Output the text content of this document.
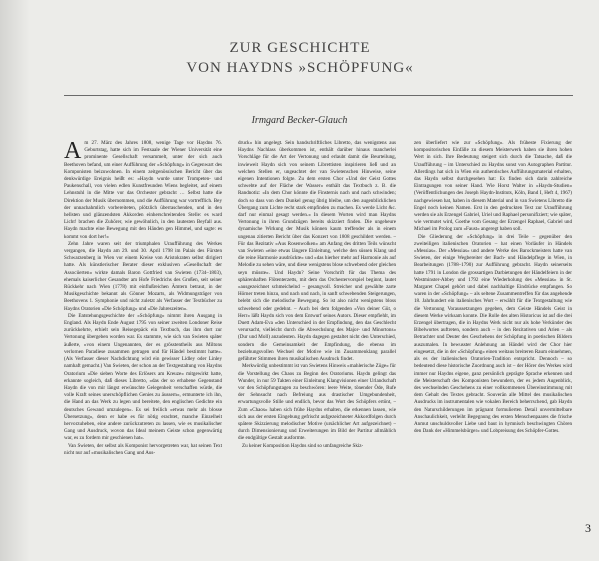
ZUR GESCHICHTE
VON HAYDNS »SCHÖPFUNG«
Irmgard Becker-Glauch

Am 27. März des Jahres 1808, wenige Tage vor Haydns 76. Geburtstag, hatte sich im Festsaale der Wiener Universität eine prominente Gesellschaft versammelt, unter der sich auch Beethoven befand, um einer Aufführung der »Schöpfung« in Gegenwart des Komponisten beizuwohnen. In einem zeitgenössischen Bericht über das denkwürdige Ereignis heißt es: »Haydn wurde unter Trompeten- und Paukenschall, von vielen edlen Kunstfreunden Wiens begleitet, auf einem Lehnstuhl in die Mitte vor das Orchester gebracht … Selbst hatte die Direktion der Musik übernommen, und die Aufführung war vortrefflich. Bey der unnachahmlich vorbereiteten, plötzlich überraschenden, und in den hellsten und glänzendsten Akkorden einherschreitenden Stelle: es ward Licht! brachen die Zuhörer, wie gewöhnlich, in den lautesten Beyfall aus. Haydn machte eine Bewegung mit den Händen gen Himmel, und sagte: es kommt von dort her!«

Zehn Jahre waren seit der triumphalen Uraufführung des Werkes vergangen, die Haydn am 29. und 30. April 1798 im Palais des Fürsten Schwarzenberg in Wien vor einem Kreise von Aristokraten selbst dirigiert hatte. Als künstlerischer Berater dieser exklusiven »Gesellschaft der Associierten« wirkte damals Baron Gottfried van Swieten (1734–1803), ehemals kaiserlicher Gesandter am Hofe Friedrichs des Großen, seit seiner Rückkehr nach Wien (1778) mit einflußreichen Ämtern betraut, in der Musikgeschichte bekannt als Gönner Mozarts, als Widmungsträger von Beethovens 1. Symphonie und nicht zuletzt als Verfasser der Textbücher zu Haydns Oratorien »Die Schöpfung« und »Die Jahreszeiten«.

Die Entstehungsgeschichte der »Schöpfung« nimmt ihren Ausgang in England. Als Haydn Ende August 1795 von seiner zweiten Londoner Reise zurückkehrte, erhielt sein Reisegepäck ein Textbuch, das ihm dort zur Vertonung übergeben worden war. Es stammte, wie sich van Swieten später äußerte, »von einem Ungenannten, der es grösstentheils aus Miltons verlornen Paradiese zusammen getragen und für Händel bestimmt hatte«. (Als Verfasser dieser Nachdichtung wird ein gewisser Lidley oder Linley namhaft gemacht.) Van Swieten, der schon an der Textgestaltung von Haydns Oratorium »Die sieben Worte des Erlösers am Kreuze« mitgewirkt hatte, erkannte sogleich, daß dieses Libretto, »das der so erhabene Gegenstand Haydn die von mir längst erwünschte Gelegenheit verschaffen würde, die volle Kraft seines unerschöpflichen Genies zu äussern«, ermunterte ich ihn, die Hand an das Werk zu legen und bereitete, den englischen Gedichte ein deutsches Gewand umzulegen«. Es sei freilich »etwas mehr als blosse Übersetzung«, denn er habe es für nötig erachtet, manche Einzelheit hervorzuheben, eine andere zurückzutreten zu lassen, wie es musikalischer Gang und Ausdruck, wovon das Ideal meinem Geiste schon gegenwärtig war, es zu fordern mir geschienen hat«.

Van Swieten, der selbst als Komponist hervorgetreten war, hat seinen Text nicht nur auf »musikalischen Gang und Aus-

druck« hin angelegt. Sein handschriftliches Libretto, das wenigstens aus Haydns Nachlass überkommen ist, enthält darüber hinaus mancherlei Vorschläge für die Art der Vertonung und erlaubt damit die Beurteilung, inwieweit Haydn sich von seinem Librettisten inspirieren ließ und an welchen Stellen er, ungeachtet der van Swietenschen Hinweise, seine eigenen Intentionen folgte. Zu dem ersten Chor »Und der Geist Gottes schwebte auf der Fläche der Wasser« enthält das Textbuch z. B. die Randnotiz: »In dem Chor könnte die Finsternis nach und nach schwinden; doch so dass von dem Dunkel genug übrig bleibe, um den augenblicklichen Übergang zum Lichte recht stark empfinden zu machen. Es werde Licht &c. darf nur einmal gesagt werden.« In diesem Worten wird man Haydns Vertonung in ihren Grundzügen bereits skizziert finden. Die ungeheure dynamische Wirkung der Musik können kaum treffender als in einem ungenau zitierten Bericht über das Konzert von 1808 geschildert werden. – Für das Rezitativ »Aus Rosenwolken« am Anfang des dritten Teils wünscht van Swieten »eine etwas längere Einleitung, welche den süssen Klang und die reine Harmonie ausdrückte« und »das hierher mehr auf Harmonie als auf Melodie zu sehen wäre, und diese wenigstens blose schwebend oder gleichen seyn müsste«. Und Haydn? Seine Vorschrift für das Thema des sphärenhaften Flötenterzetts, mit dem das Orchestervorspiel beginnt, lautet »ausgezeichnet schmeichelnd – gesangvoll. Streicher und gewählte zarte Hörner treten hinzu, und nach und nach, in sanft schwebenden Steigerungen, belebt sich die melodische Bewegung. So ist also nicht wenigstens bloss schwebend oder gedehnt. – Auch bei dem folgenden »Von deiner Güt, o Herr« läßt Haydn sich von dem Entwurf seines Autors. Dieser empfiehlt, im Duett Adam-Eva »den Unterschied in der Empfindung, den das Geschlecht verursacht, vielleicht durch die Abwechslung des Major- und Minortons« (Dur und Moll) anzudeuten. Haydn dagegen gestaltet nicht den Unterschied, sondern die Gemeinsamkeit der Empfindung, die ebenso im beziehungsvollen Wechsel der Motive wie im Zusammenklang parallel geführter Stimmen ihren musikalischen Ausdruck findet.

Merkwürdig unbestimmt ist van Swietens Hinweis »mahlerische Züge« für die Vorstellung des Chaos zu Beginn des Oratoriums. Haydn gelingt das Wunder, in nur 59 Takten einer Einleitung Klangvisionen einer Urlandschaft vor den Schöpfungstagen zu beschwören: leere Weite, tönender Öde, Rufe der Sehnsucht nach Befreiung aus drastischer Umgebundenheit, erwartungsvolle Stille und endlich, bevor das Wort des Schöpfers ertönt, – Zum »Chaos« haben sich frühe Haydns erhalten, die erkennen lassen, wie sich aus der ersten Eingebung gefrischt aufgezeichneter Akkordfolgen durch spätere Skizzierung melodischer Motive (ursächlicher Art aufgezeichnet) – durch Dimensionierung und Erweiterungen im Bild der Partitur allmählich die endgültige Gestalt ausformte.

Zu keiner Komposition Haydns sind so umfangreiche Skiz-

zen überliefert wie zur »Schöpfung«. Als früheste Fixierung der kompositorischen Einfälle zu diesem Meisterwerk haben sie ihren hohen Wert in sich. Ihre Bedeutung steigert sich durch die Tatsache, daß die Uraufführung – im Unterschied zu Haydns sonst von Autographen Partitur. Allerdings hat sich in Wien ein authentisches Aufführungsmaterial erhalten, das Haydn selbst durchgesehen hat: Es finden sich darin zahlreiche Eintragungen von seiner Hand. Wie Horst Walter in »Haydn-Studien« (Veröffentlichungen des Joseph Haydn-Instituts, Köln, Band I, Heft 4, 1967) nachgewiesen hat, haben in diesem Material und in van Swietens Libretto die Engel noch keinen Namen. Erst in den gedruckten Text zur Uraufführung werden sie als Erzengel Gabriel, Uriel und Raphael personifiziert; wie später, wie vermutet wird, Goethe vom Gesang der Erzengel Raphael, Gabriel und Michael im Prolog zum »Faust« angeregt haben soll.

Die Gliederung der »Schöpfung« in drei Teile – gegenüber den zweiteiligen italienischen Oratorien – hat einen Vorläufer in Händels »Messias«. Der »Messias« und andere Werke des Barockmeisters hatte van Swieten, der einige Wegbereiter der Bach- und Händelpflege in Wien, in Bearbeitungen (1788–1790) zur Aufführung gebracht. Haydn seinerseits hatte 1791 in London die grossartigen Darbietungen der Händelfeiern in der Westminster-Abbey und 1792 eine Wiederholung des »Messias« in St. Margaret Chapel gehört und dabei nachhaltige Eindrücke empfangen. So waren in der »Schöpfung« – als seltene Zusammentreffen für das angehende 18. Jahrhundert ein italienisches Wort – erwählt für die Textgestaltung wie die Vertonung Voraussetzungen gegeben, dem Geiste Händels Geist in diesem Werke wirksam konnte. Die Rolle des alten Historicus ist auf die drei Erzengel übertragen, die in Haydns Werk nicht nur als hohe Verkünder des Bibelwortes auftreten, sondern auch – in den Rezitativen und Arien – als Betrachter und Deuter des Geschehens der Schöpfung in poetischen Bildern auszumalen. In bewusster Anlehnung an Händel wird der Chor hier eingesetzt, die in der »Schöpfung« einen weitaus breiteren Raum einnehmen, als es der italienischen Oratorien-Tradition entspricht. Dennoch – so bedeutend diese historische Zuordnung auch ist – der Hörer des Werkes wird immer nur Haydns eigene, ganz persönlich geprägte Sprache erkennen und die Meisterschaft des Komponisten bewundern, der es jedem Augenblick, des wechselnden Geschehens zu einer vollkommenen Übereinstimmung mit dem Gehalt des Textes gebracht. Souverän alle Mittel des musikalischen Ausdrucks im instrumentalen wie vokalen Bereich beherrschend, gab Haydn den Naturschilderungen im prägnant formulierten Detail unvermittelbare Anschaulichkeit, verleiht Begegnung des ersten Menschenpaares die frische Anmut unschuldsvoller Liebe und baut in hymnisch beschwingten Chören den Dank der »Himmelsbürger« und Lobpreisung des Schöpfer-Gottes.

3
